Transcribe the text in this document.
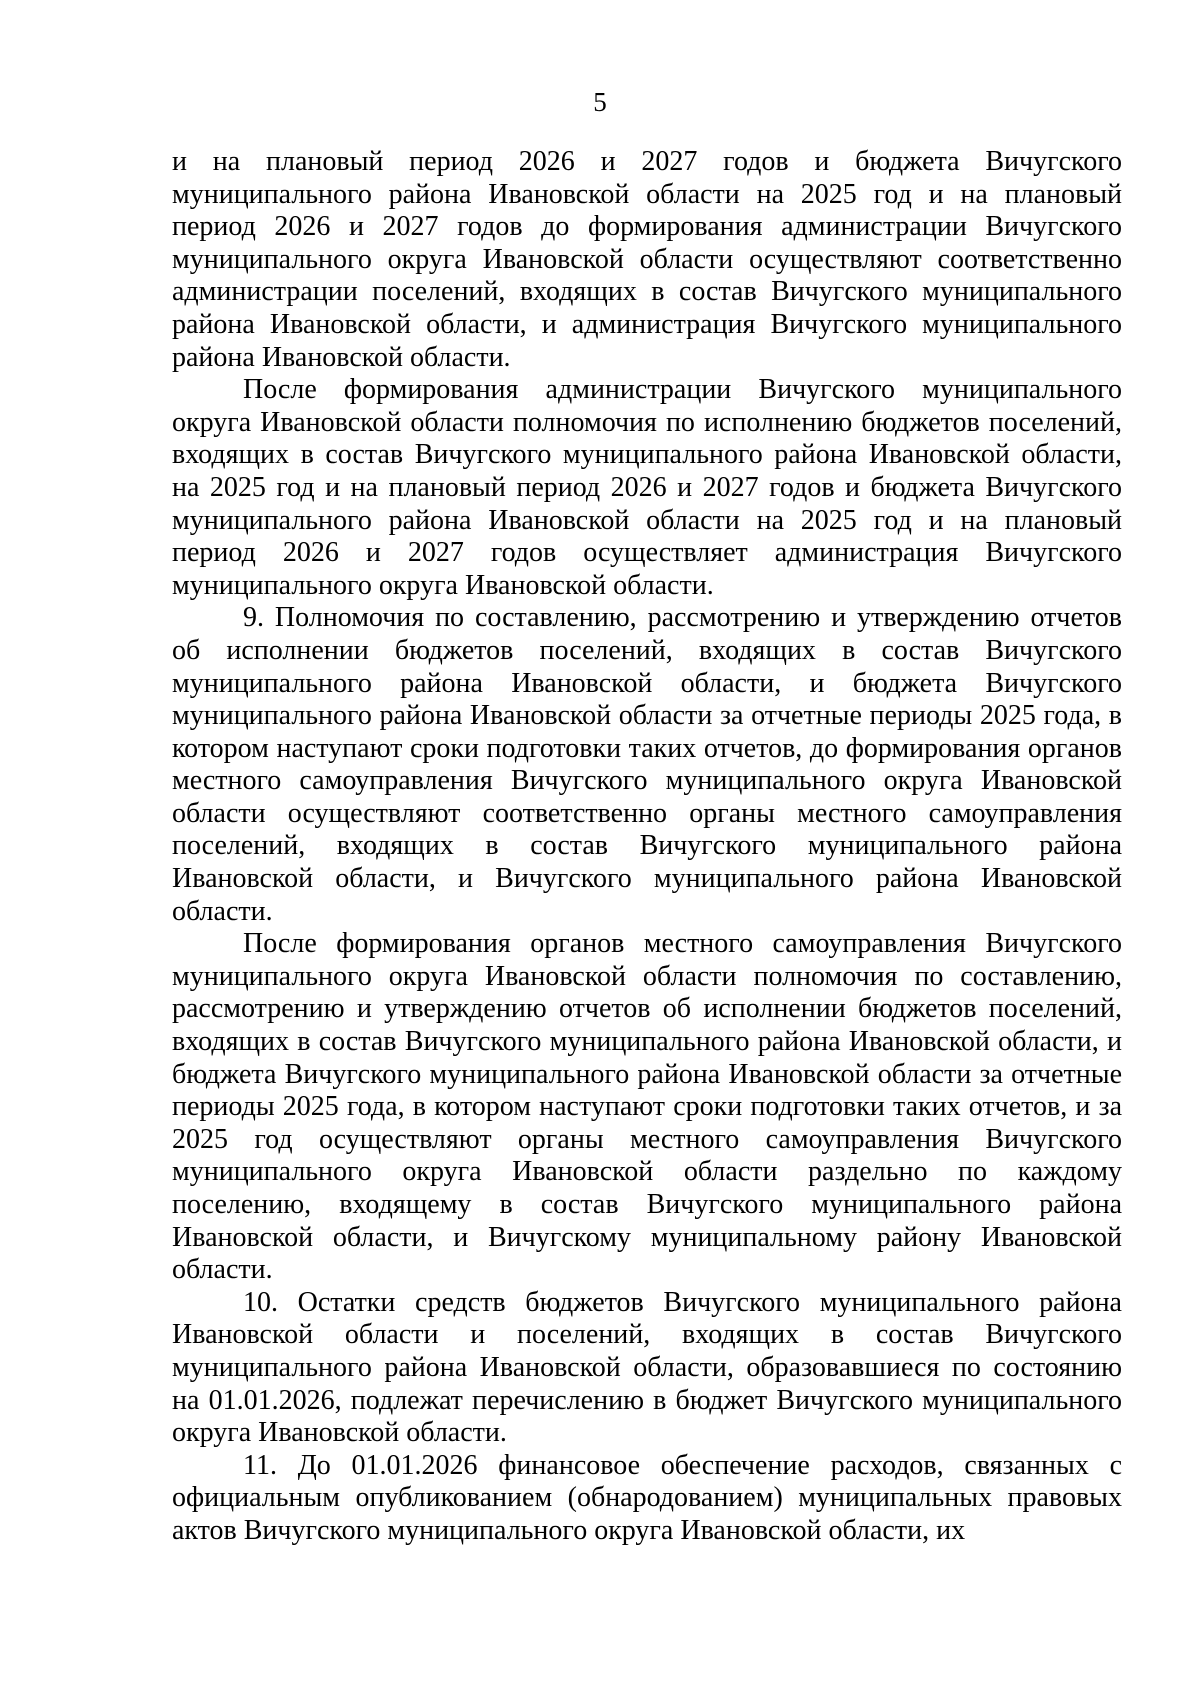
5

и на плановый период 2026 и 2027 годов и бюджета Вичугского муниципального района Ивановской области на 2025 год и на плановый период 2026 и 2027 годов до формирования администрации Вичугского муниципального округа Ивановской области осуществляют соответственно администрации поселений, входящих в состав Вичугского муниципального района Ивановской области, и администрация Вичугского муниципального района Ивановской области.

После формирования администрации Вичугского муниципального округа Ивановской области полномочия по исполнению бюджетов поселений, входящих в состав Вичугского муниципального района Ивановской области, на 2025 год и на плановый период 2026 и 2027 годов и бюджета Вичугского муниципального района Ивановской области на 2025 год и на плановый период 2026 и 2027 годов осуществляет администрация Вичугского муниципального округа Ивановской области.

9. Полномочия по составлению, рассмотрению и утверждению отчетов об исполнении бюджетов поселений, входящих в состав Вичугского муниципального района Ивановской области, и бюджета Вичугского муниципального района Ивановской области за отчетные периоды 2025 года, в котором наступают сроки подготовки таких отчетов, до формирования органов местного самоуправления Вичугского муниципального округа Ивановской области осуществляют соответственно органы местного самоуправления поселений, входящих в состав Вичугского муниципального района Ивановской области, и Вичугского муниципального района Ивановской области.

После формирования органов местного самоуправления Вичугского муниципального округа Ивановской области полномочия по составлению, рассмотрению и утверждению отчетов об исполнении бюджетов поселений, входящих в состав Вичугского муниципального района Ивановской области, и бюджета Вичугского муниципального района Ивановской области за отчетные периоды 2025 года, в котором наступают сроки подготовки таких отчетов, и за 2025 год осуществляют органы местного самоуправления Вичугского муниципального округа Ивановской области раздельно по каждому поселению, входящему в состав Вичугского муниципального района Ивановской области, и Вичугскому муниципальному району Ивановской области.

10. Остатки средств бюджетов Вичугского муниципального района Ивановской области и поселений, входящих в состав Вичугского муниципального района Ивановской области, образовавшиеся по состоянию на 01.01.2026, подлежат перечислению в бюджет Вичугского муниципального округа Ивановской области.

11. До 01.01.2026 финансовое обеспечение расходов, связанных с официальным опубликованием (обнародованием) муниципальных правовых актов Вичугского муниципального округа Ивановской области, их
